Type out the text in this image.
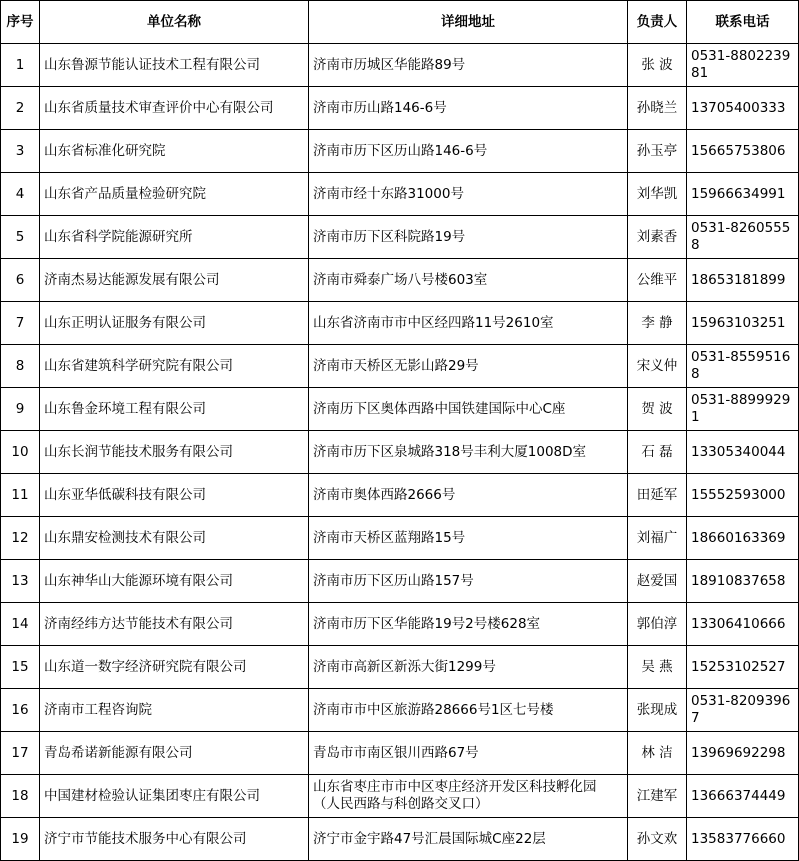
序号	单位名称	详细地址	负责人	联系电话
1	山东鲁源节能认证技术工程有限公司	济南市历城区华能路89号	张 波	0531-880223981
2	山东省质量技术审查评价中心有限公司	济南市历山路146-6号	孙晓兰	13705400333
3	山东省标准化研究院	济南市历下区历山路146-6号	孙玉亭	15665753806
4	山东省产品质量检验研究院	济南市经十东路31000号	刘华凯	15966634991
5	山东省科学院能源研究所	济南市历下区科院路19号	刘素香	0531-82605558
6	济南杰易达能源发展有限公司	济南市舜泰广场八号楼603室	公维平	18653181899
7	山东正明认证服务有限公司	山东省济南市市中区经四路11号2610室	李 静	15963103251
8	山东省建筑科学研究院有限公司	济南市天桥区无影山路29号	宋义仲	0531-85595168
9	山东鲁金环境工程有限公司	济南历下区奥体西路中国铁建国际中心C座	贺 波	0531-88999291
10	山东长润节能技术服务有限公司	济南市历下区泉城路318号丰利大厦1008D室	石 磊	13305340044
11	山东亚华低碳科技有限公司	济南市奥体西路2666号	田延军	15552593000
12	山东鼎安检测技术有限公司	济南市天桥区蓝翔路15号	刘福广	18660163369
13	山东神华山大能源环境有限公司	济南市历下区历山路157号	赵爱国	18910837658
14	济南经纬方达节能技术有限公司	济南市历下区华能路19号2号楼628室	郭伯淳	13306410666
15	山东道一数字经济研究院有限公司	济南市高新区新泺大街1299号	吴 燕	15253102527
16	济南市工程咨询院	济南市市中区旅游路28666号1区七号楼	张现成	0531-82093967
17	青岛希诺新能源有限公司	青岛市市南区银川西路67号	林 洁	13969692298
18	中国建材检验认证集团枣庄有限公司	山东省枣庄市市中区枣庄经济开发区科技孵化园（人民西路与科创路交叉口）	江建军	13666374449
19	济宁市节能技术服务中心有限公司	济宁市金宇路47号汇晨国际城C座22层	孙文欢	13583776660
